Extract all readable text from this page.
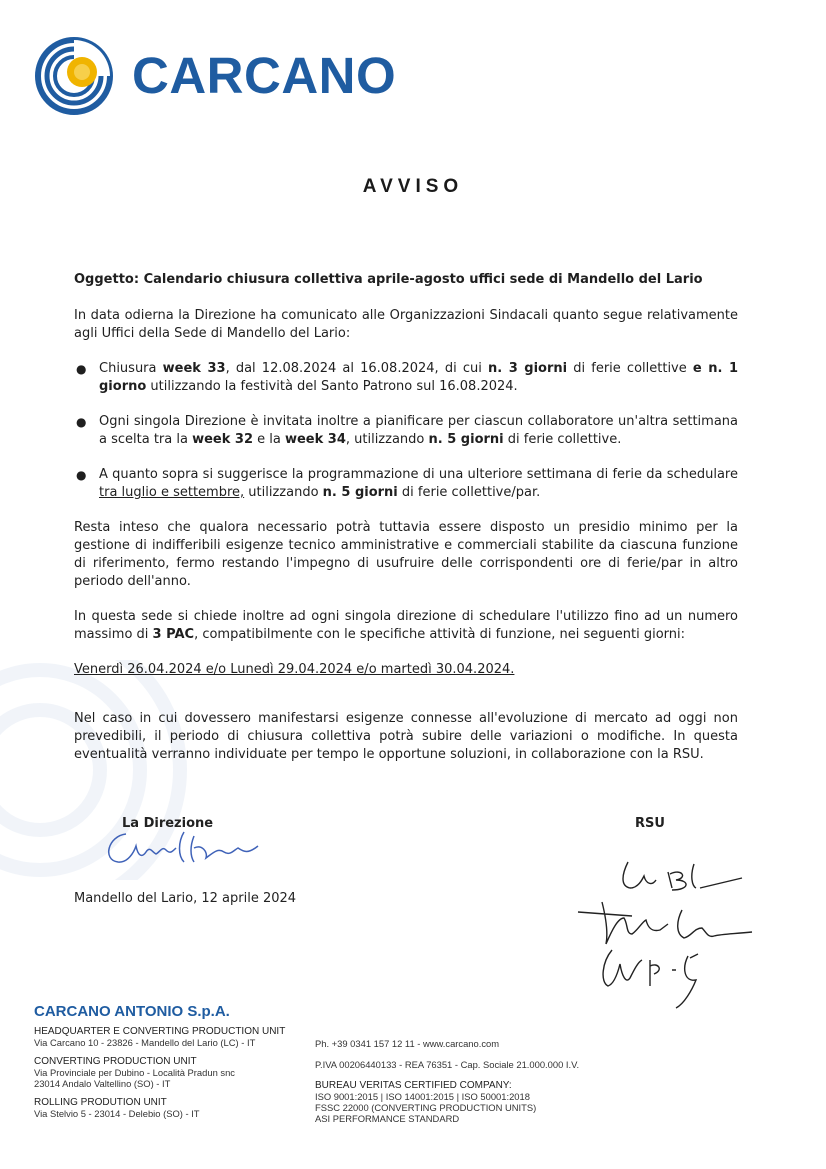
CARCANO
AVVISO

Oggetto: Calendario chiusura collettiva aprile-agosto uffici sede di Mandello del Lario

In data odierna la Direzione ha comunicato alle Organizzazioni Sindacali quanto segue relativamente agli Uffici della Sede di Mandello del Lario:

● Chiusura week 33, dal 12.08.2024 al 16.08.2024, di cui n. 3 giorni di ferie collettive e n. 1 giorno utilizzando la festività del Santo Patrono sul 16.08.2024.
● Ogni singola Direzione è invitata inoltre a pianificare per ciascun collaboratore un'altra settimana a scelta tra la week 32 e la week 34, utilizzando n. 5 giorni di ferie collettive.
● A quanto sopra si suggerisce la programmazione di una ulteriore settimana di ferie da schedulare tra luglio e settembre, utilizzando n. 5 giorni di ferie collettive/par.

Resta inteso che qualora necessario potrà tuttavia essere disposto un presidio minimo per la gestione di indifferibili esigenze tecnico amministrative e commerciali stabilite da ciascuna funzione di riferimento, fermo restando l'impegno di usufruire delle corrispondenti ore di ferie/par in altro periodo dell'anno.

In questa sede si chiede inoltre ad ogni singola direzione di schedulare l'utilizzo fino ad un numero massimo di 3 PAC, compatibilmente con le specifiche attività di funzione, nei seguenti giorni:

Venerdì 26.04.2024 e/o Lunedì 29.04.2024 e/o martedì 30.04.2024.

Nel caso in cui dovessero manifestarsi esigenze connesse all'evoluzione di mercato ad oggi non prevedibili, il periodo di chiusura collettiva potrà subire delle variazioni o modifiche. In questa eventualità verranno individuate per tempo le opportune soluzioni, in collaborazione con la RSU.

La Direzione	RSU
Mandello del Lario, 12 aprile 2024
CARCANO ANTONIO S.p.A.
HEADQUARTER E CONVERTING PRODUCTION UNIT
Via Carcano 10 - 23826 - Mandello del Lario (LC) - IT
CONVERTING PRODUCTION UNIT
Via Provinciale per Dubino - Località Pradun snc
23014 Andalo Valtellino (SO) - IT
ROLLING PRODUTION UNIT
Via Stelvio 5 - 23014 - Delebio (SO) - IT
Ph. +39 0341 157 12 11 - www.carcano.com
P.IVA 00206440133 - REA 76351 - Cap. Sociale 21.000.000 I.V.
BUREAU VERITAS CERTIFIED COMPANY:
ISO 9001:2015 | ISO 14001:2015 | ISO 50001:2018
FSSC 22000 (CONVERTING PRODUCTION UNITS)
ASI PERFORMANCE STANDARD
